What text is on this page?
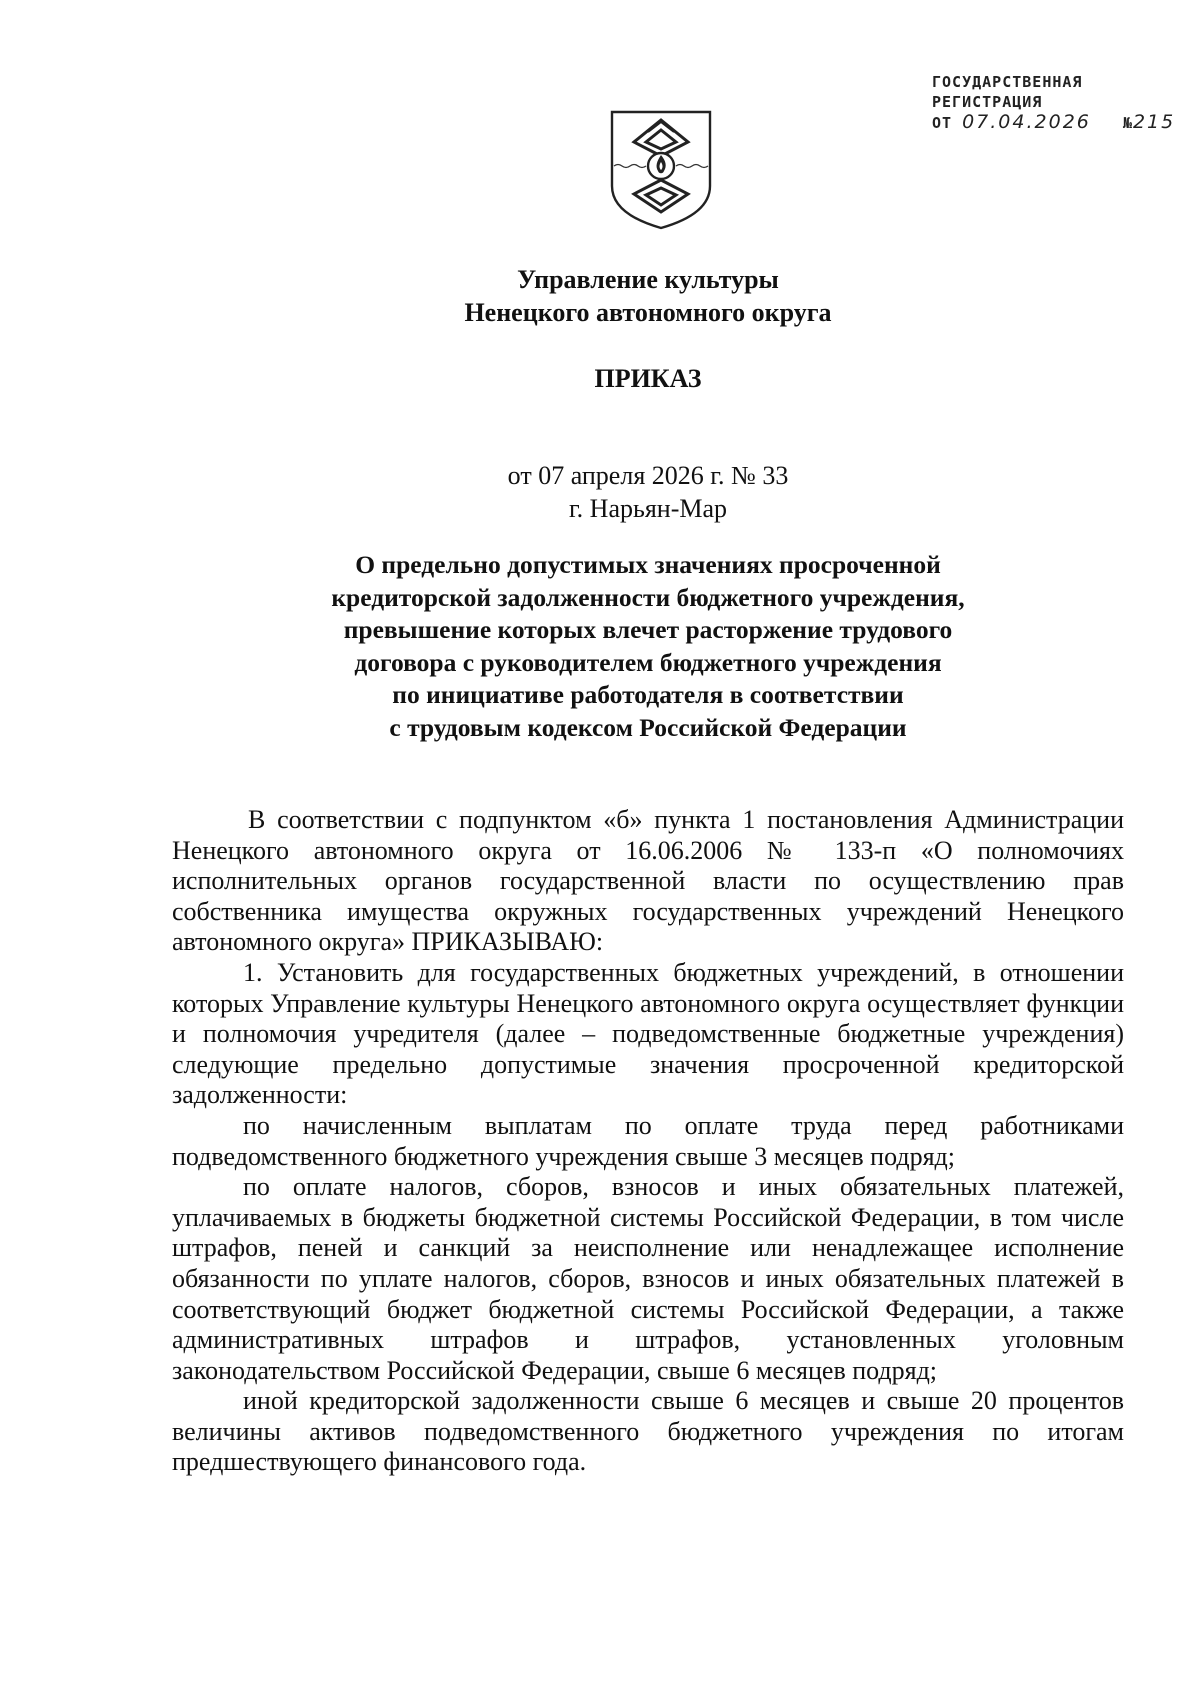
ГОСУДАРСТВЕННАЯ
РЕГИСТРАЦИЯ
ОТ 07.04.2026 №215
Управление культуры
Ненецкого автономного округа
ПРИКАЗ
от 07 апреля 2026 г. № 33
г. Нарьян-Мар
О предельно допустимых значениях просроченной
кредиторской задолженности бюджетного учреждения,
превышение которых влечет расторжение трудового
договора с руководителем бюджетного учреждения
по инициативе работодателя в соответствии
с трудовым кодексом Российской Федерации

В соответствии с подпунктом «б» пункта 1 постановления Администрации Ненецкого автономного округа от 16.06.2006 № 133-п «О полномочиях исполнительных органов государственной власти по осуществлению прав собственника имущества окружных государственных учреждений Ненецкого автономного округа» ПРИКАЗЫВАЮ:

1. Установить для государственных бюджетных учреждений, в отношении которых Управление культуры Ненецкого автономного округа осуществляет функции и полномочия учредителя (далее – подведомственные бюджетные учреждения) следующие предельно допустимые значения просроченной кредиторской задолженности:

по начисленным выплатам по оплате труда перед работниками подведомственного бюджетного учреждения свыше 3 месяцев подряд;

по оплате налогов, сборов, взносов и иных обязательных платежей, уплачиваемых в бюджеты бюджетной системы Российской Федерации, в том числе штрафов, пеней и санкций за неисполнение или ненадлежащее исполнение обязанности по уплате налогов, сборов, взносов и иных обязательных платежей в соответствующий бюджет бюджетной системы Российской Федерации, а также административных штрафов и штрафов, установленных уголовным законодательством Российской Федерации, свыше 6 месяцев подряд;

иной кредиторской задолженности свыше 6 месяцев и свыше 20 процентов величины активов подведомственного бюджетного учреждения по итогам предшествующего финансового года.
